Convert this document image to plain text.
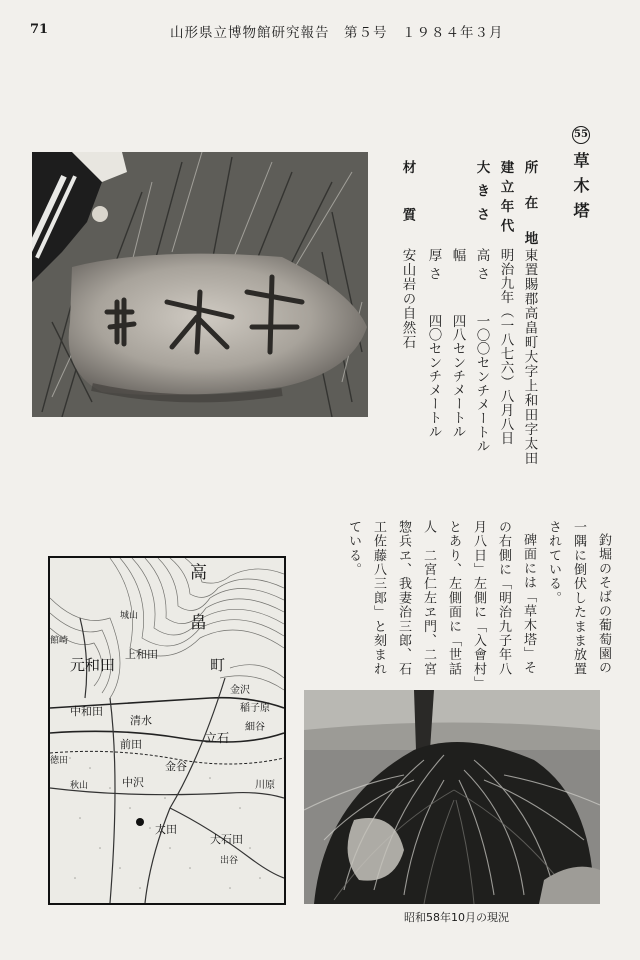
71	山形県立博物館研究報告　第５号　１９８４年３月
55
草木塔
所在地
建立年代
大きさ
材質
東置賜郡高畠町大字上和田字太田
明治九年（一八七六）八月八日
高さ
一〇〇センチメートル
幅
四八センチメートル
厚さ
四〇センチメートル
安山岩の自然石
釣堀のそばの葡萄園の
一隅に倒伏したまま放置
されている。
碑面には「草木塔」そ
の右側に「明治九子年八
月八日」左側に「入會村」
とあり、左側面に「世話
人　二宮仁左ヱ門、二宮
惣兵ヱ、我妻治三郎、石
工佐藤八三郎」と刻まれ
ている。
高
畠
町
上和田
元和田
中和田
立石
中沢
金谷
太田
大石田
稲子原
細谷
金沢
川原
前田
清水
館崎
徳田
秋山
城山
出谷
昭和58年10月の現況
